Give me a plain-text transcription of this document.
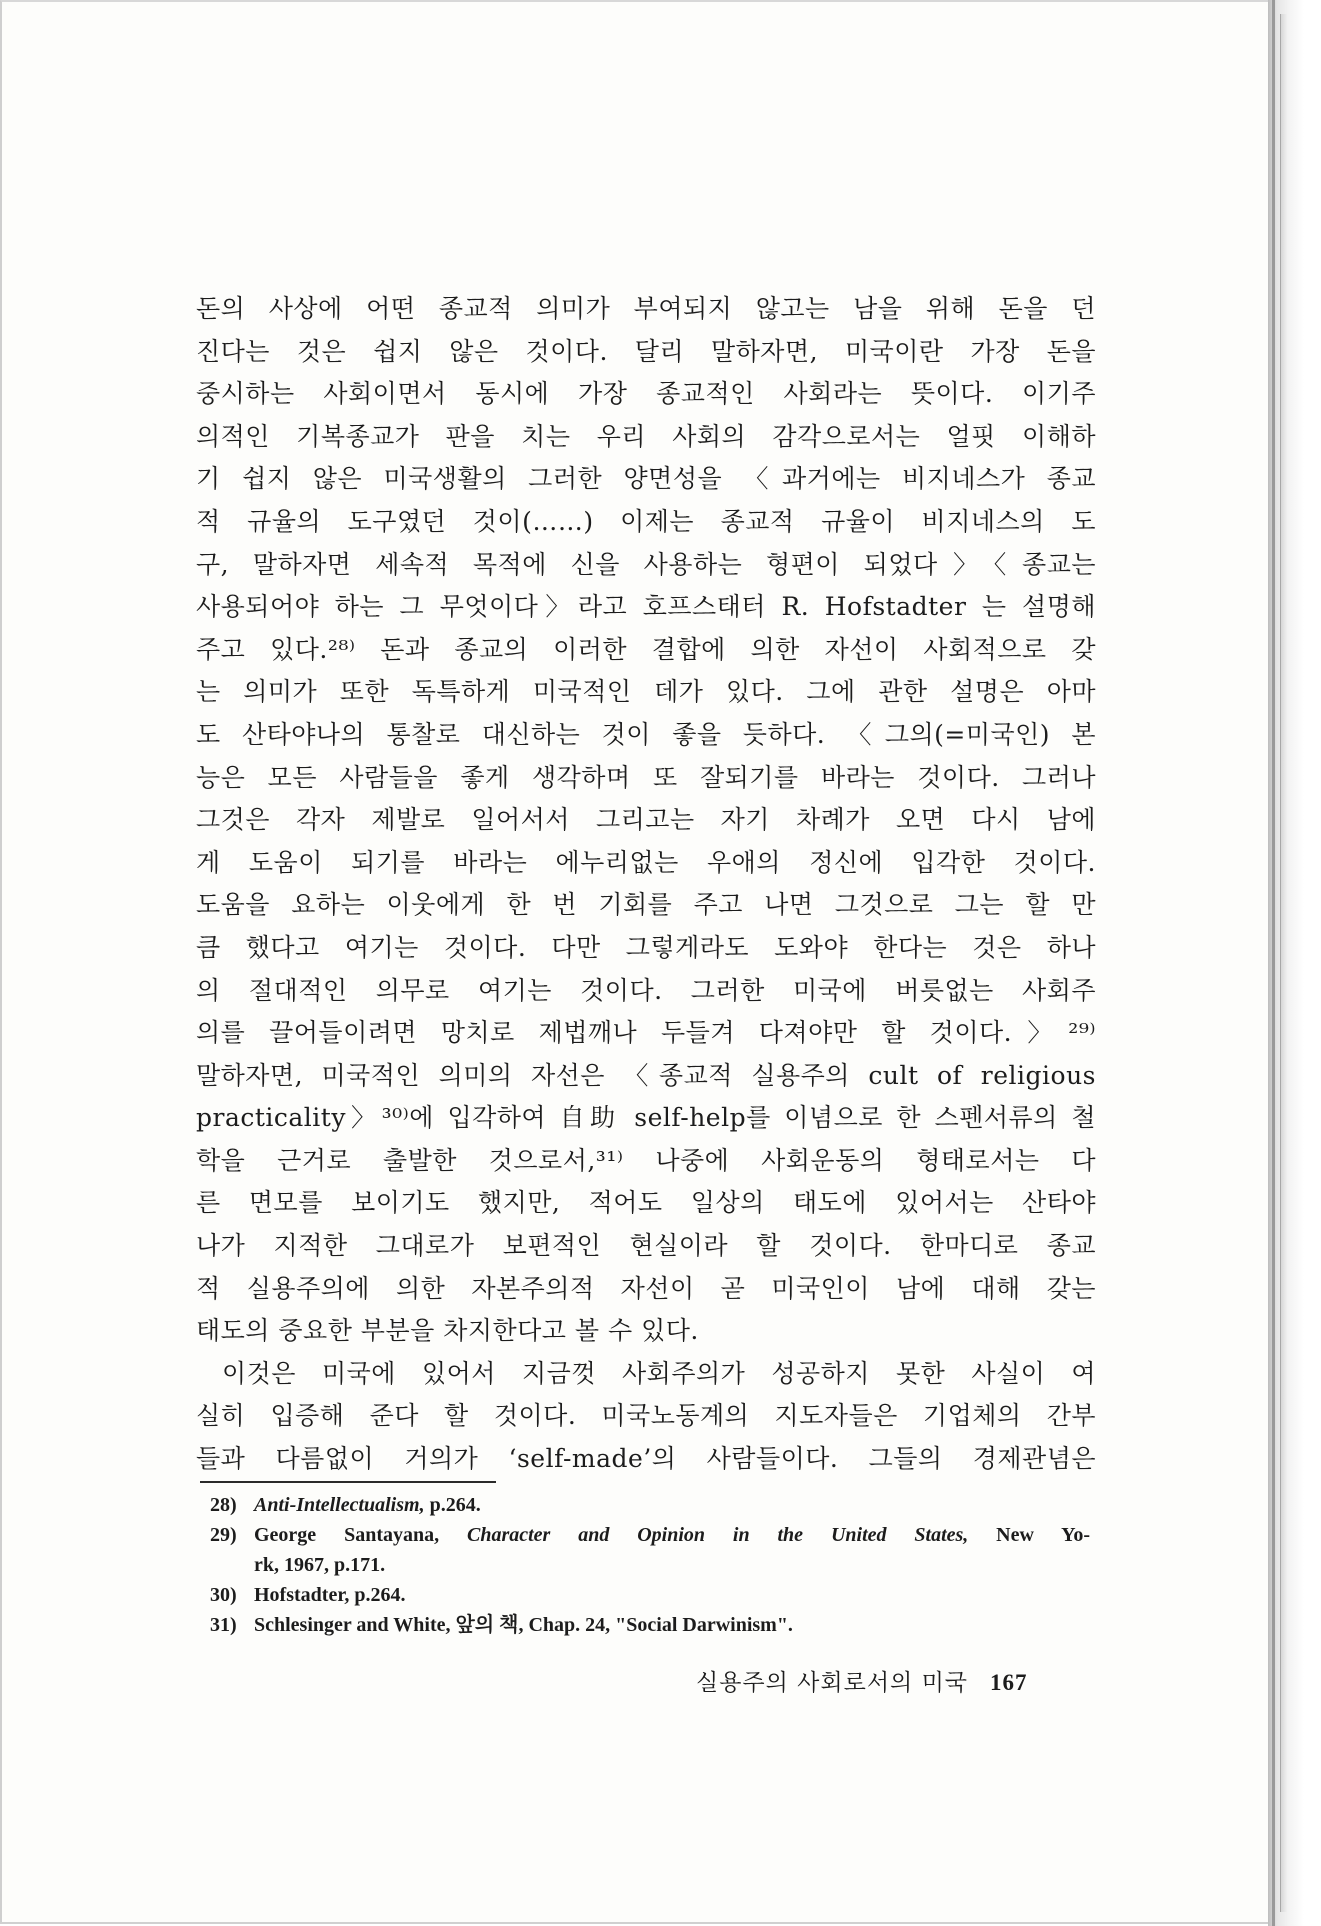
돈의 사상에 어떤 종교적 의미가 부여되지 않고는 남을 위해 돈을 던
진다는 것은 쉽지 않은 것이다. 달리 말하자면, 미국이란 가장 돈을
중시하는 사회이면서 동시에 가장 종교적인 사회라는 뜻이다. 이기주
의적인 기복종교가 판을 치는 우리 사회의 감각으로서는 얼핏 이해하
기 쉽지 않은 미국생활의 그러한 양면성을 〈과거에는 비지네스가 종교
적 규율의 도구였던 것이(……) 이제는 종교적 규율이 비지네스의 도
구, 말하자면 세속적 목적에 신을 사용하는 형편이 되었다〉〈종교는
사용되어야 하는 그 무엇이다〉라고 호프스태터 R. Hofstadter 는 설명해
주고 있다.²⁸⁾ 돈과 종교의 이러한 결합에 의한 자선이 사회적으로 갖
는 의미가 또한 독특하게 미국적인 데가 있다. 그에 관한 설명은 아마
도 산타야나의 통찰로 대신하는 것이 좋을 듯하다. 〈그의(=미국인) 본
능은 모든 사람들을 좋게 생각하며 또 잘되기를 바라는 것이다. 그러나
그것은 각자 제발로 일어서서 그리고는 자기 차례가 오면 다시 남에
게 도움이 되기를 바라는 에누리없는 우애의 정신에 입각한 것이다.
도움을 요하는 이웃에게 한 번 기회를 주고 나면 그것으로 그는 할 만
큼 했다고 여기는 것이다. 다만 그렇게라도 도와야 한다는 것은 하나
의 절대적인 의무로 여기는 것이다. 그러한 미국에 버릇없는 사회주
의를 끌어들이려면 망치로 제법깨나 두들겨 다져야만 할 것이다.〉²⁹⁾
말하자면, 미국적인 의미의 자선은 〈종교적 실용주의 cult of religious
practicality〉³⁰⁾에 입각하여 自助 self-help를 이념으로 한 스펜서류의 철
학을 근거로 출발한 것으로서,³¹⁾ 나중에 사회운동의 형태로서는 다
른 면모를 보이기도 했지만, 적어도 일상의 태도에 있어서는 산타야
나가 지적한 그대로가 보편적인 현실이라 할 것이다. 한마디로 종교
적 실용주의에 의한 자본주의적 자선이 곧 미국인이 남에 대해 갖는
태도의 중요한 부분을 차지한다고 볼 수 있다.
이것은 미국에 있어서 지금껏 사회주의가 성공하지 못한 사실이 여
실히 입증해 준다 할 것이다. 미국노동계의 지도자들은 기업체의 간부
들과 다름없이 거의가 ‘self-made’의 사람들이다. 그들의 경제관념은
28) Anti-Intellectualism, p.264.
29) George Santayana, Character and Opinion in the United States, New Yo-
rk, 1967, p.171.
30) Hofstadter, p.264.
31) Schlesinger and White, 앞의 책, Chap. 24, "Social Darwinism".
실용주의 사회로서의 미국 167
